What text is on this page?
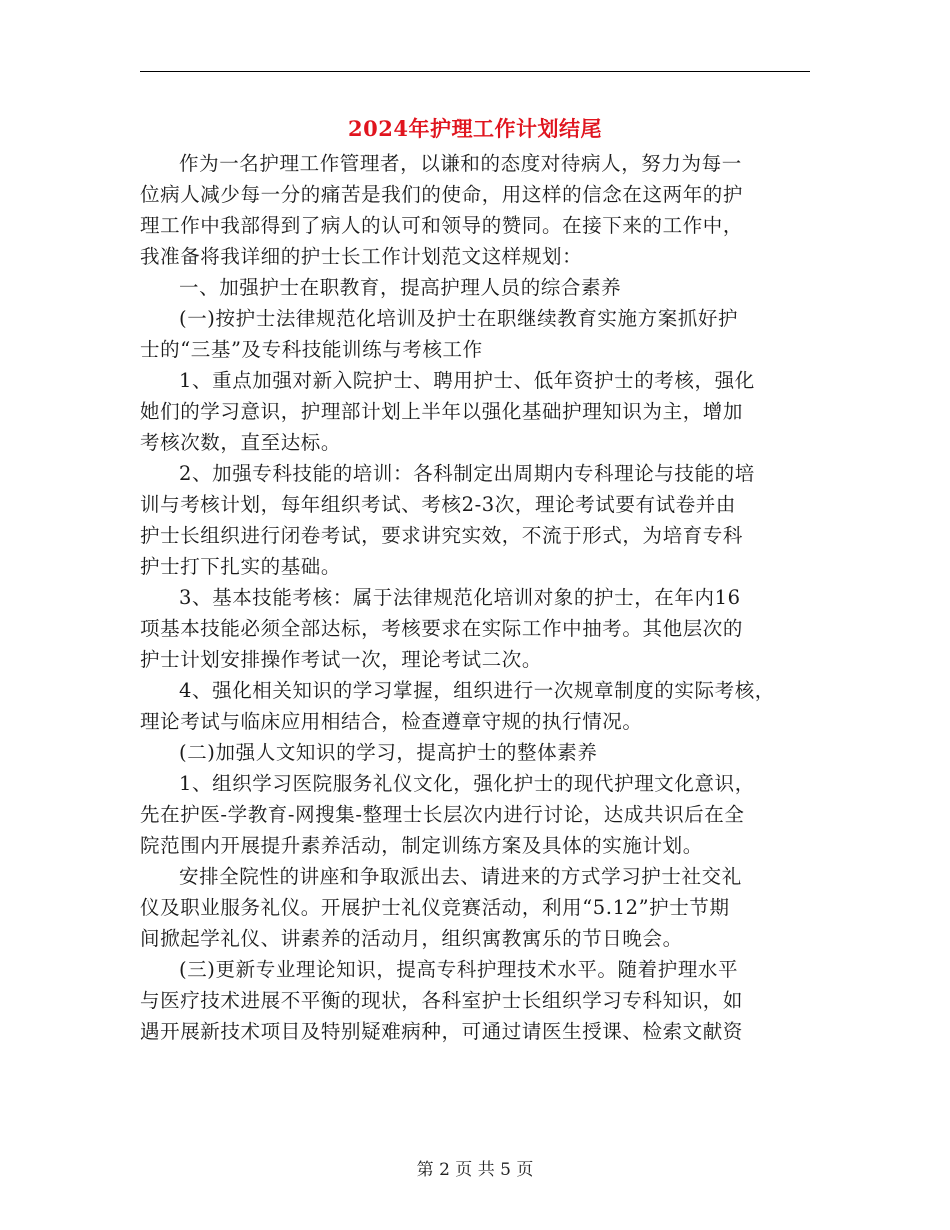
2024年护理工作计划结尾

作为一名护理工作管理者，以谦和的态度对待病人，努力为每一
位病人减少每一分的痛苦是我们的使命，用这样的信念在这两年的护
理工作中我部得到了病人的认可和领导的赞同。在接下来的工作中，
我准备将我详细的护士长工作计划范文这样规划：

一、加强护士在职教育，提高护理人员的综合素养

(一)按护士法律规范化培训及护士在职继续教育实施方案抓好护
士的“三基”及专科技能训练与考核工作

1、重点加强对新入院护士、聘用护士、低年资护士的考核，强化
她们的学习意识，护理部计划上半年以强化基础护理知识为主，增加
考核次数，直至达标。

2、加强专科技能的培训：各科制定出周期内专科理论与技能的培
训与考核计划，每年组织考试、考核2-3次，理论考试要有试卷并由
护士长组织进行闭卷考试，要求讲究实效，不流于形式，为培育专科
护士打下扎实的基础。

3、基本技能考核：属于法律规范化培训对象的护士，在年内16
项基本技能必须全部达标，考核要求在实际工作中抽考。其他层次的
护士计划安排操作考试一次，理论考试二次。

4、强化相关知识的学习掌握，组织进行一次规章制度的实际考核，
理论考试与临床应用相结合，检查遵章守规的执行情况。

(二)加强人文知识的学习，提高护士的整体素养

1、组织学习医院服务礼仪文化，强化护士的现代护理文化意识，
先在护医-学教育-网搜集-整理士长层次内进行讨论，达成共识后在全
院范围内开展提升素养活动，制定训练方案及具体的实施计划。

安排全院性的讲座和争取派出去、请进来的方式学习护士社交礼
仪及职业服务礼仪。开展护士礼仪竞赛活动，利用“5.12”护士节期
间掀起学礼仪、讲素养的活动月，组织寓教寓乐的节日晚会。

(三)更新专业理论知识，提高专科护理技术水平。随着护理水平
与医疗技术进展不平衡的现状，各科室护士长组织学习专科知识，如
遇开展新技术项目及特别疑难病种，可通过请医生授课、检索文献资

第 2 页 共 5 页
